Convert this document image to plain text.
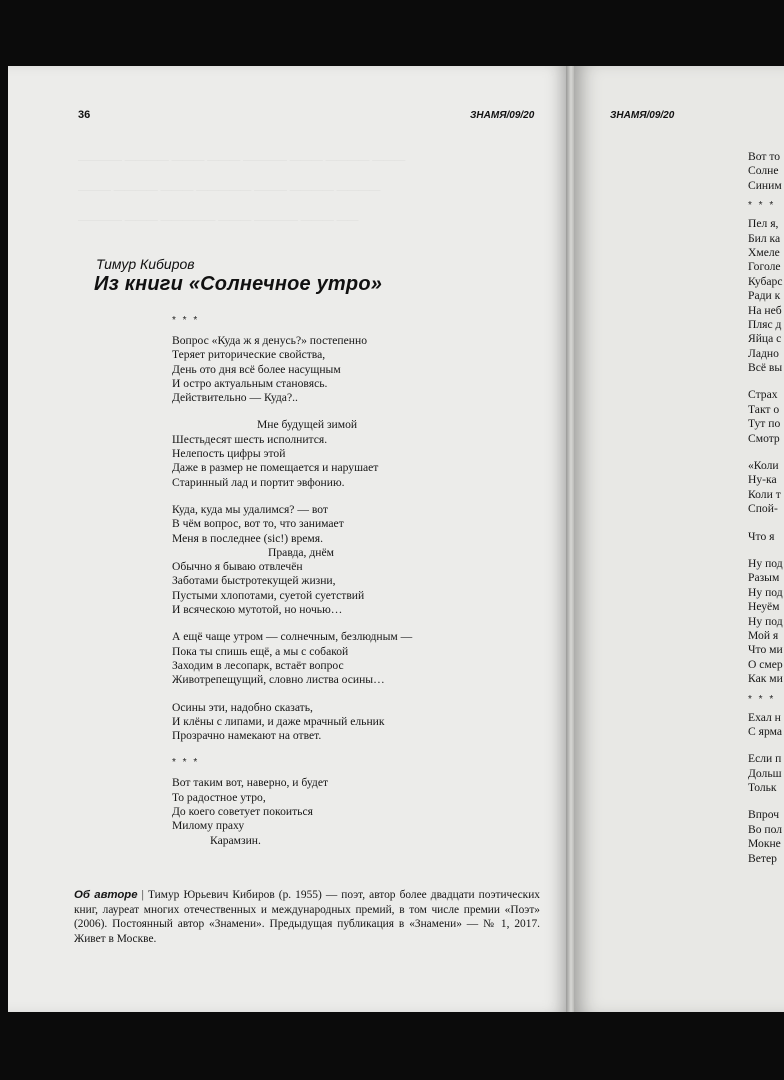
———— ———— ——— ——— ———— ——— ———— ———
——— ———— ——— ————— ——— ———— ————
———— ——— ————— ——— ———— ——— ——
36	ЗНАМЯ/09/20
Тимур Кибиров
Из книги «Солнечное утро»
* * *
Вопрос «Куда ж я денусь?» постепенно
Теряет риторические свойства,
День ото дня всё более насущным
И остро актуальным становясь.
Действительно — Куда?..
Мне будущей зимой
Шестьдесят шесть исполнится.
Нелепость цифры этой
Даже в размер не помещается и нарушает
Старинный лад и портит эвфонию.
Куда, куда мы удалимся? — вот
В чём вопрос, вот то, что занимает
Меня в последнее (sic!) время.
Правда, днём
Обычно я бываю отвлечён
Заботами быстротекущей жизни,
Пустыми хлопотами, суетой суетствий
И всяческою мутотой, но ночью…
А ещё чаще утром — солнечным, безлюдным —
Пока ты спишь ещё, а мы с собакой
Заходим в лесопарк, встаёт вопрос
Животрепещущий, словно листва осины…
Осины эти, надобно сказать,
И клёны с липами, и даже мрачный ельник
Прозрачно намекают на ответ.
* * *
Вот таким вот, наверно, и будет
То радостное утро,
До коего советует покоиться
Милому праху
Карамзин.
Об авторе | Тимур Юрьевич Кибиров (р. 1955) — поэт, автор более двадцати поэтических книг, лауреат многих отечественных и международных премий, в том числе премии «Поэт» (2006). Постоянный автор «Знамени». Предыдущая публикация в «Знамени» — № 1, 2017. Живет в Москве.
ЗНАМЯ/09/20
Вот то
Солне
Синим
* * *
Пел я,
Бил ка
Хмеле
Гоголе
Кубарс
Ради к
На неб
Пляс д
Яйца с
Ладно
Всё вы
Страх
Такт о
Тут по
Смотр
«Коли
Ну-ка
Коли т
Спой-
Что я
Ну под
Разым
Ну под
Неуём
Ну под
Мой я
Что ми
О смер
Как ми
* * *
Ехал н
С ярма
Если п
Дольш
Тольк
Впроч
Во пол
Мокне
Ветер
